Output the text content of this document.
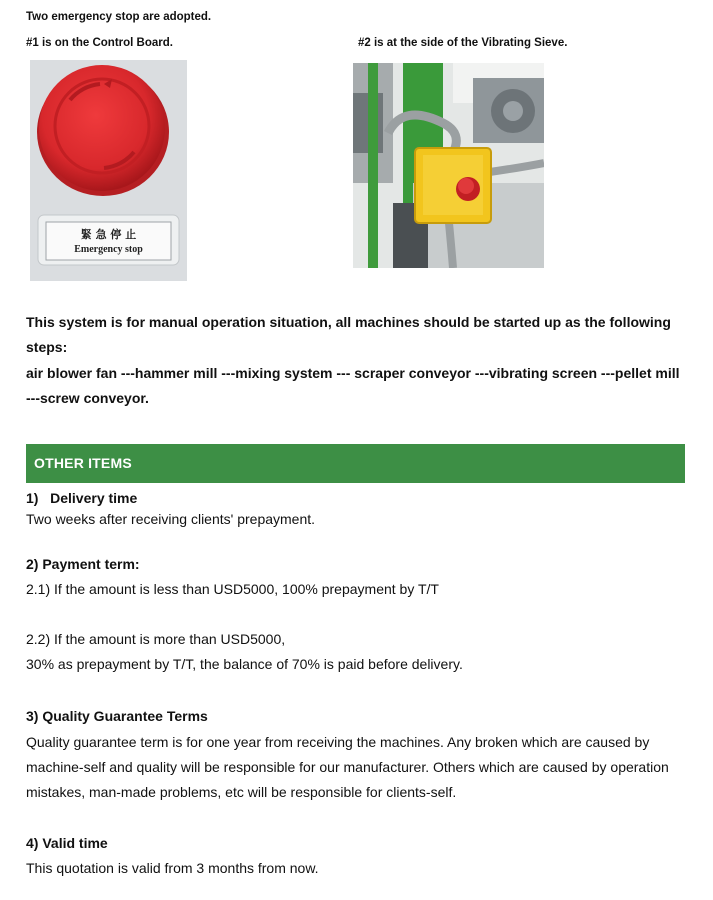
Two emergency stop are adopted.
#1 is on the Control Board.	#2 is at the side of the Vibrating Sieve.
緊 急 停 止
Emergency stop
This system is for manual operation situation, all machines should be started up as the following
steps:
air blower fan ---hammer mill ---mixing system --- scraper conveyor ---vibrating screen ---pellet mill
---screw conveyor.
OTHER ITEMS
1)   Delivery time
Two weeks after receiving clients' prepayment.
2) Payment term:
2.1) If the amount is less than USD5000, 100% prepayment by T/T
2.2) If the amount is more than USD5000,
30% as prepayment by T/T, the balance of 70% is paid before delivery.
3) Quality Guarantee Terms
Quality guarantee term is for one year from receiving the machines. Any broken which are caused by
machine-self and quality will be responsible for our manufacturer. Others which are caused by operation
mistakes, man-made problems, etc will be responsible for clients-self.
4) Valid time
This quotation is valid from 3 months from now.
